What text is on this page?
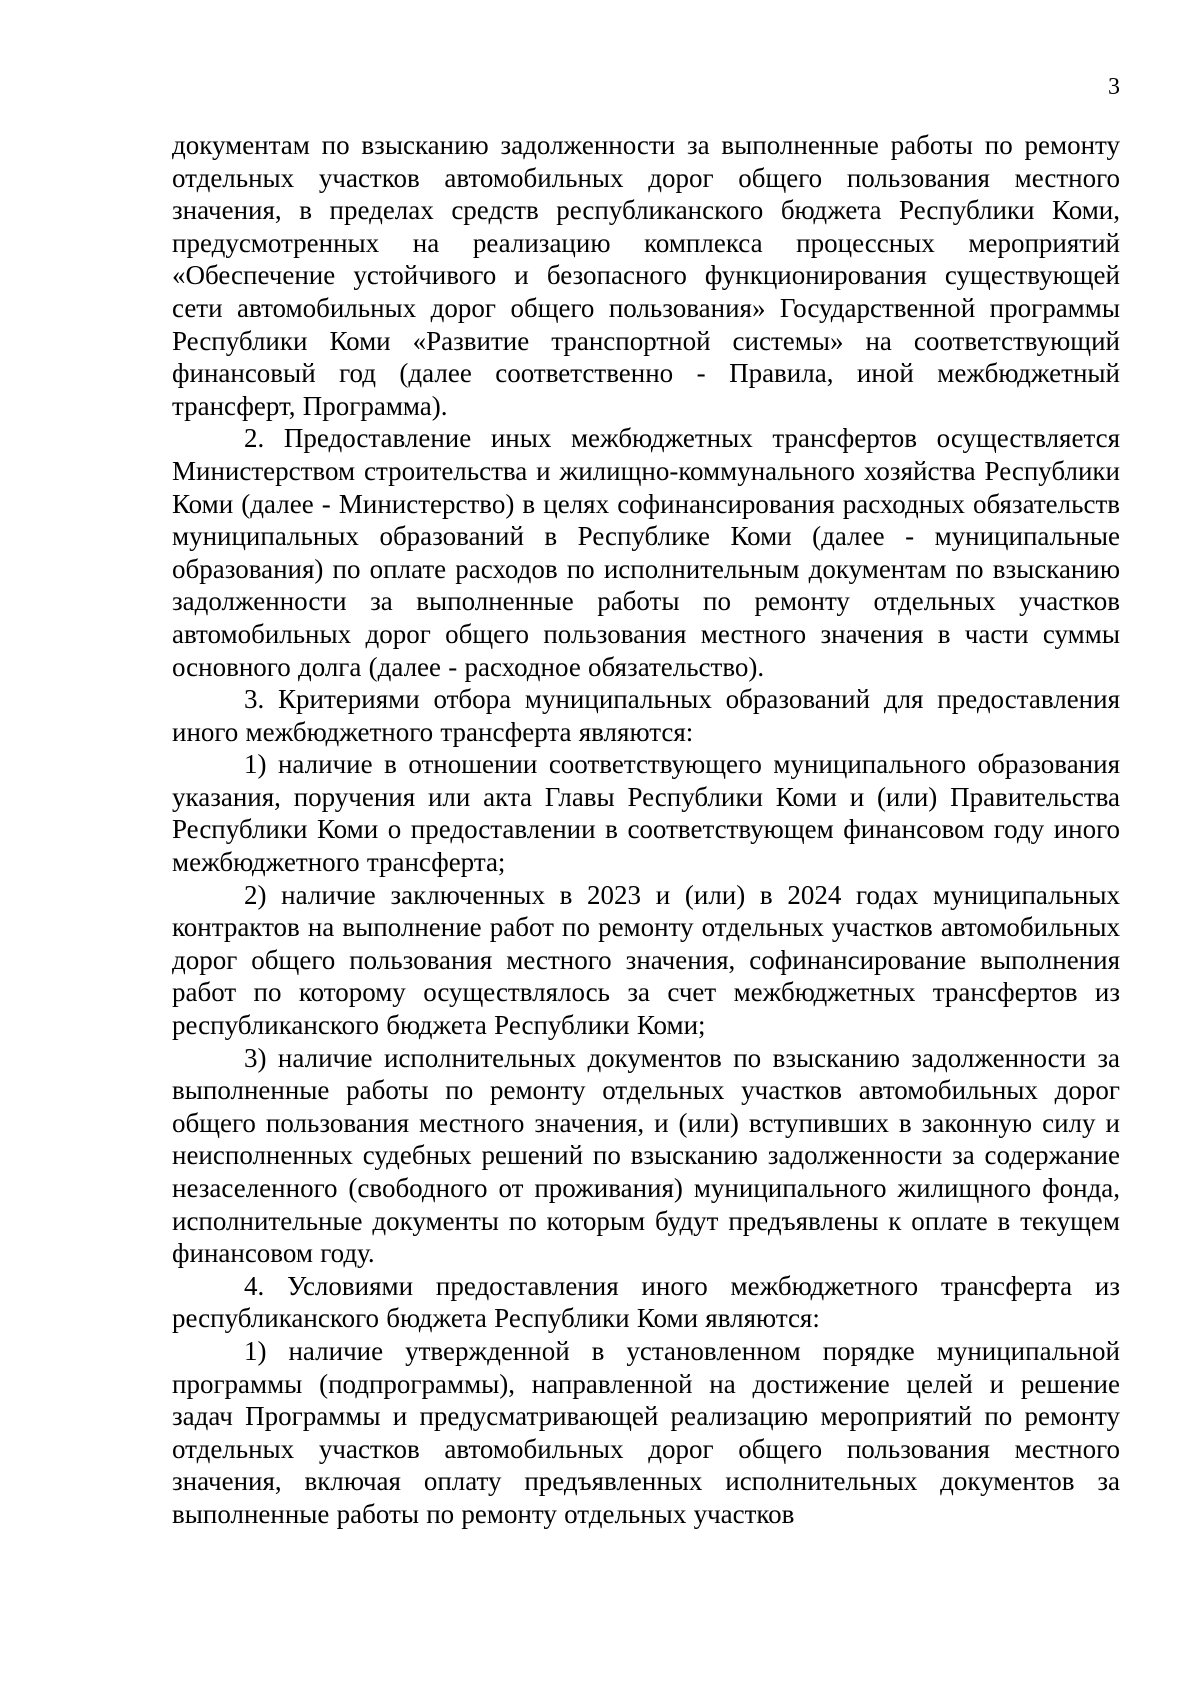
3

документам по взысканию задолженности за выполненные работы по ремонту отдельных участков автомобильных дорог общего пользования местного значения, в пределах средств республиканского бюджета Республики Коми, предусмотренных на реализацию комплекса процессных мероприятий «Обеспечение устойчивого и безопасного функционирования существующей сети автомобильных дорог общего пользования» Государственной программы Республики Коми «Развитие транспортной системы» на соответствующий финансовый год (далее соответственно - Правила, иной межбюджетный трансферт, Программа).

2. Предоставление иных межбюджетных трансфертов осуществляется Министерством строительства и жилищно-коммунального хозяйства Республики Коми (далее - Министерство) в целях софинансирования расходных обязательств муниципальных образований в Республике Коми (далее - муниципальные образования) по оплате расходов по исполнительным документам по взысканию задолженности за выполненные работы по ремонту отдельных участков автомобильных дорог общего пользования местного значения в части суммы основного долга (далее - расходное обязательство).

3. Критериями отбора муниципальных образований для предоставления иного межбюджетного трансферта являются:

1) наличие в отношении соответствующего муниципального образования указания, поручения или акта Главы Республики Коми и (или) Правительства Республики Коми о предоставлении в соответствующем финансовом году иного межбюджетного трансферта;

2) наличие заключенных в 2023 и (или) в 2024 годах муниципальных контрактов на выполнение работ по ремонту отдельных участков автомобильных дорог общего пользования местного значения, софинансирование выполнения работ по которому осуществлялось за счет межбюджетных трансфертов из республиканского бюджета Республики Коми;

3) наличие исполнительных документов по взысканию задолженности за выполненные работы по ремонту отдельных участков автомобильных дорог общего пользования местного значения, и (или) вступивших в законную силу и неисполненных судебных решений по взысканию задолженности за содержание незаселенного (свободного от проживания) муниципального жилищного фонда, исполнительные документы по которым будут предъявлены к оплате в текущем финансовом году.

4. Условиями предоставления иного межбюджетного трансферта из республиканского бюджета Республики Коми являются:

1) наличие утвержденной в установленном порядке муниципальной программы (подпрограммы), направленной на достижение целей и решение задач Программы и предусматривающей реализацию мероприятий по ремонту отдельных участков автомобильных дорог общего пользования местного значения, включая оплату предъявленных исполнительных документов за выполненные работы по ремонту отдельных участков
